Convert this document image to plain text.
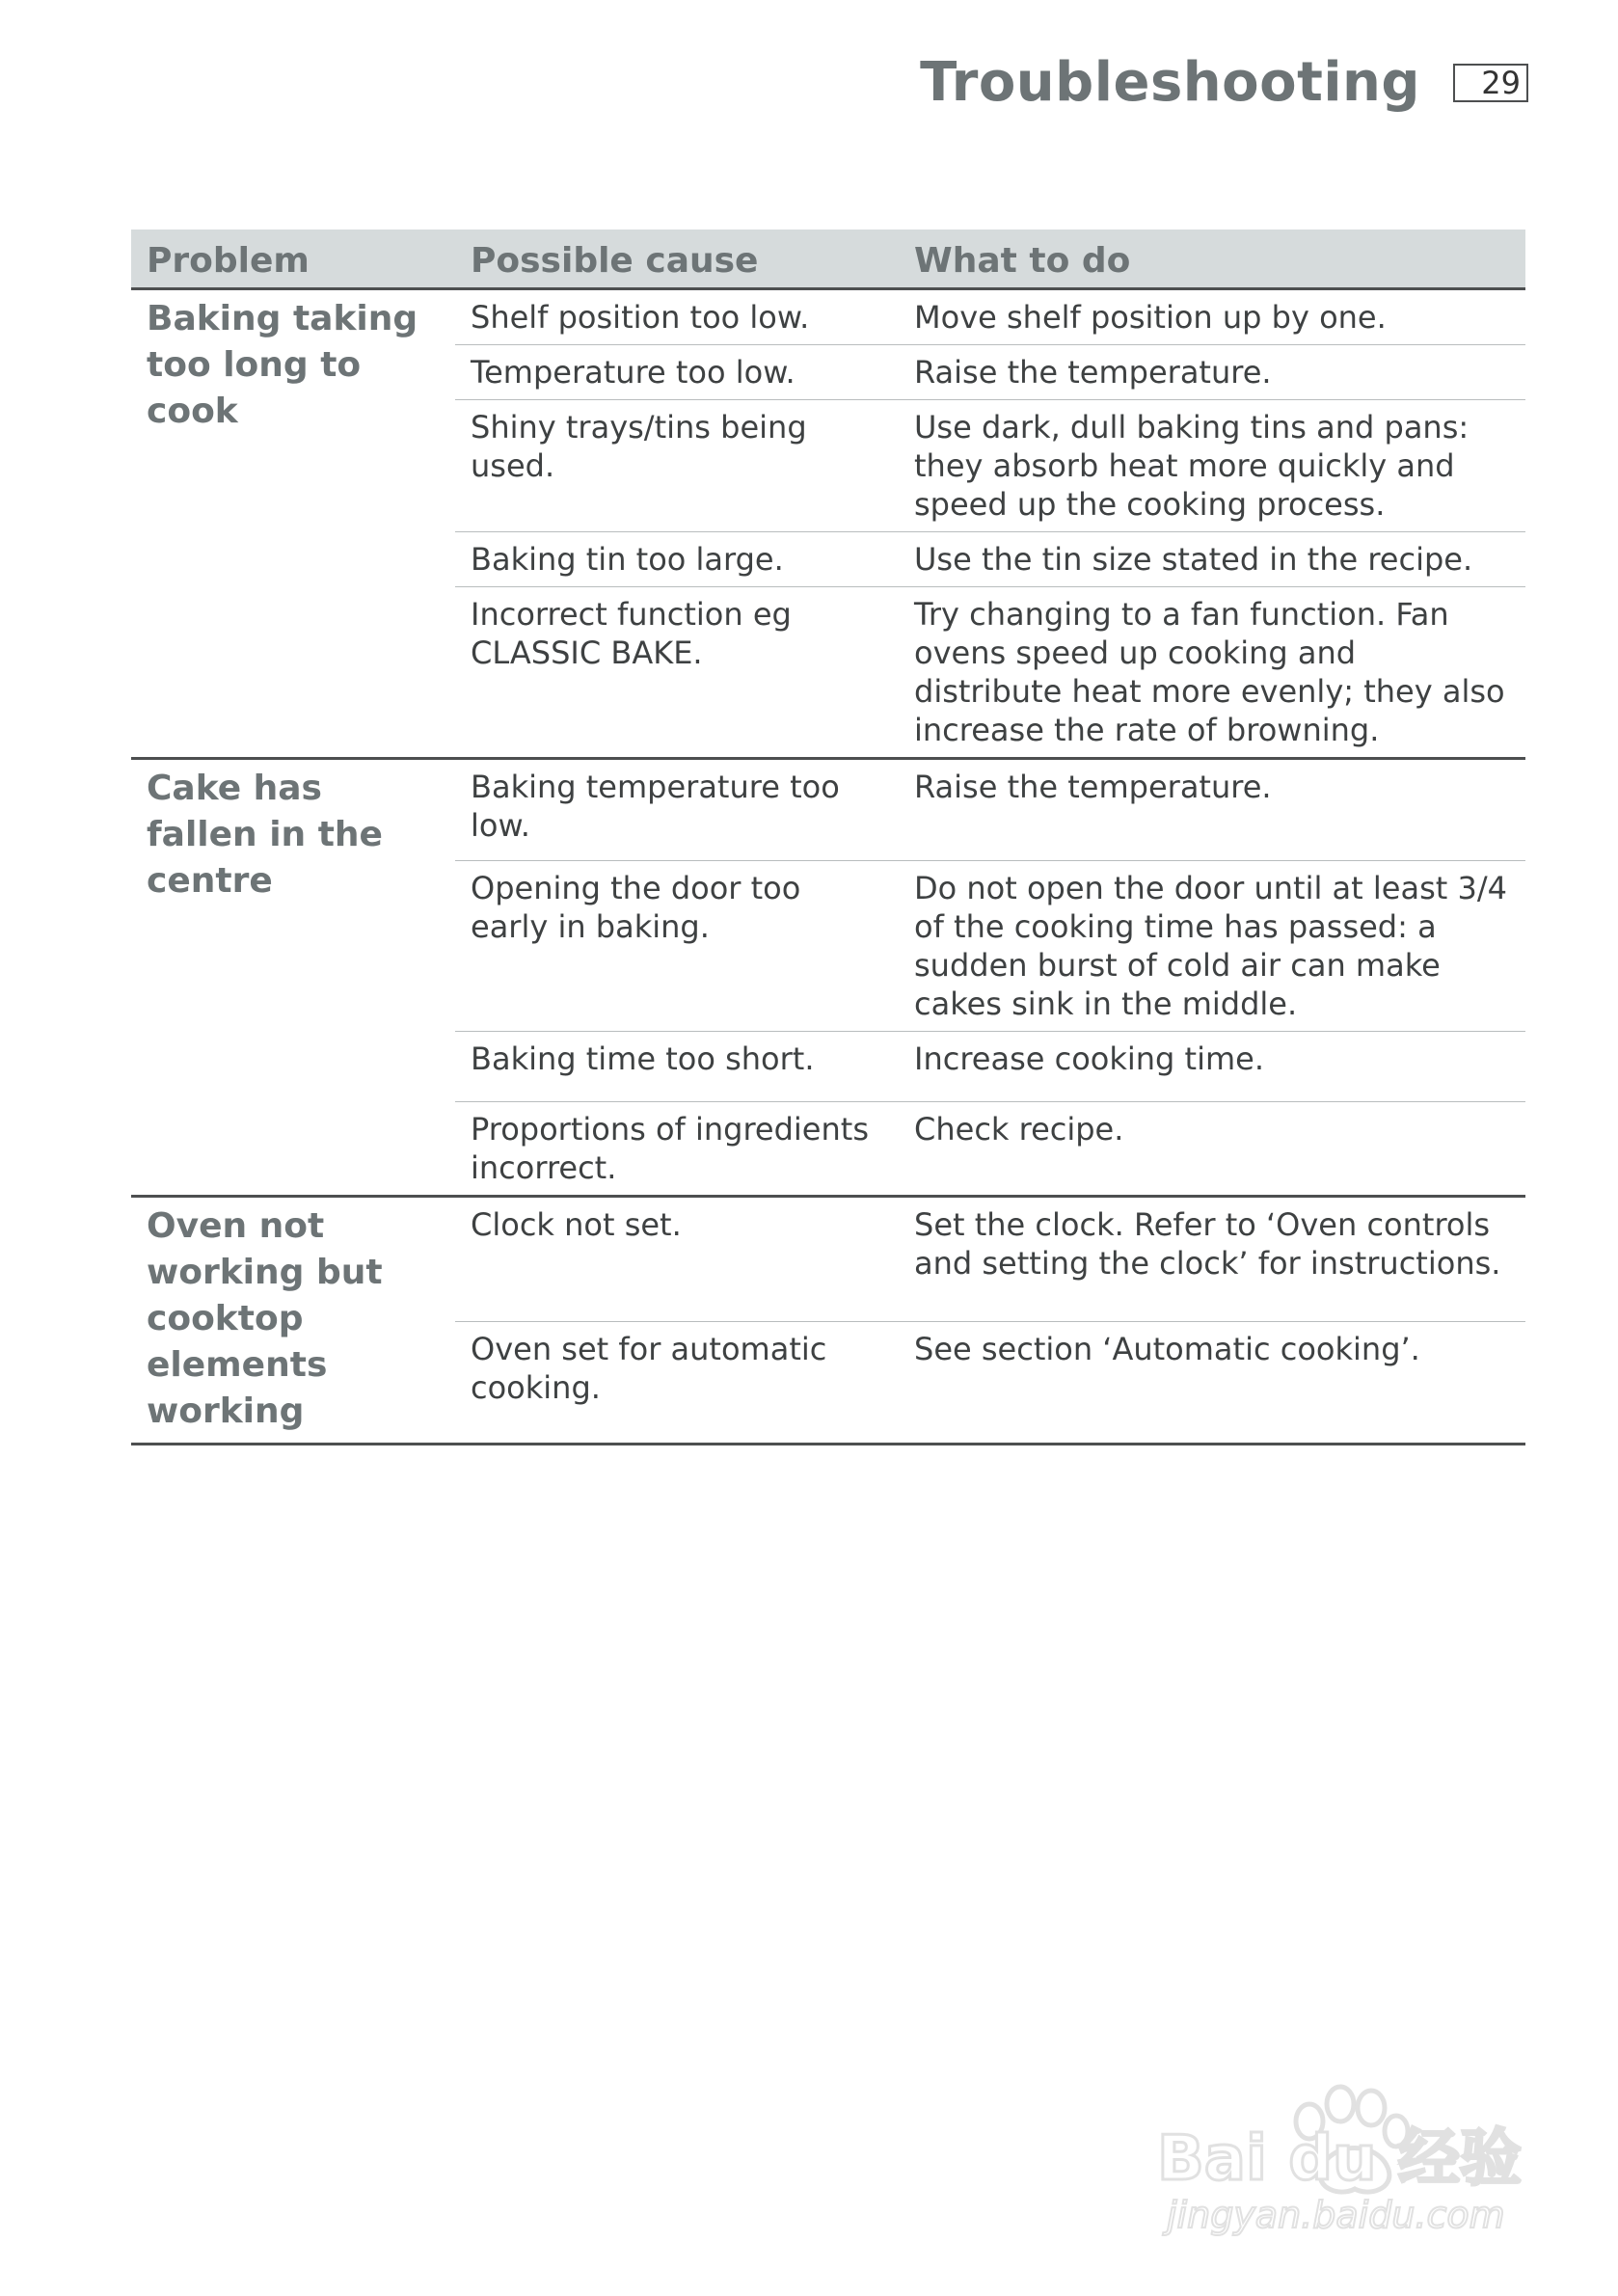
Troubleshooting	29
Problem	Possible cause	What to do
Baking taking too long to cook	Shelf position too low.	Move shelf position up by one.
	Temperature too low.	Raise the temperature.
	Shiny trays/tins being used.	Use dark, dull baking tins and pans: they absorb heat more quickly and speed up the cooking process.
	Baking tin too large.	Use the tin size stated in the recipe.
	Incorrect function eg CLASSIC BAKE.	Try changing to a fan function. Fan ovens speed up cooking and distribute heat more evenly; they also increase the rate of browning.
Cake has fallen in the centre	Baking temperature too low.	Raise the temperature.
	Opening the door too early in baking.	Do not open the door until at least 3/4 of the cooking time has passed: a sudden burst of cold air can make cakes sink in the middle.
	Baking time too short.	Increase cooking time.
	Proportions of ingredients incorrect.	Check recipe.
Oven not working but cooktop elements working	Clock not set.	Set the clock. Refer to ‘Oven controls and setting the clock’ for instructions.
	Oven set for automatic cooking.	See section ‘Automatic cooking’.
Bai du 经验
jingyan.baidu.com
